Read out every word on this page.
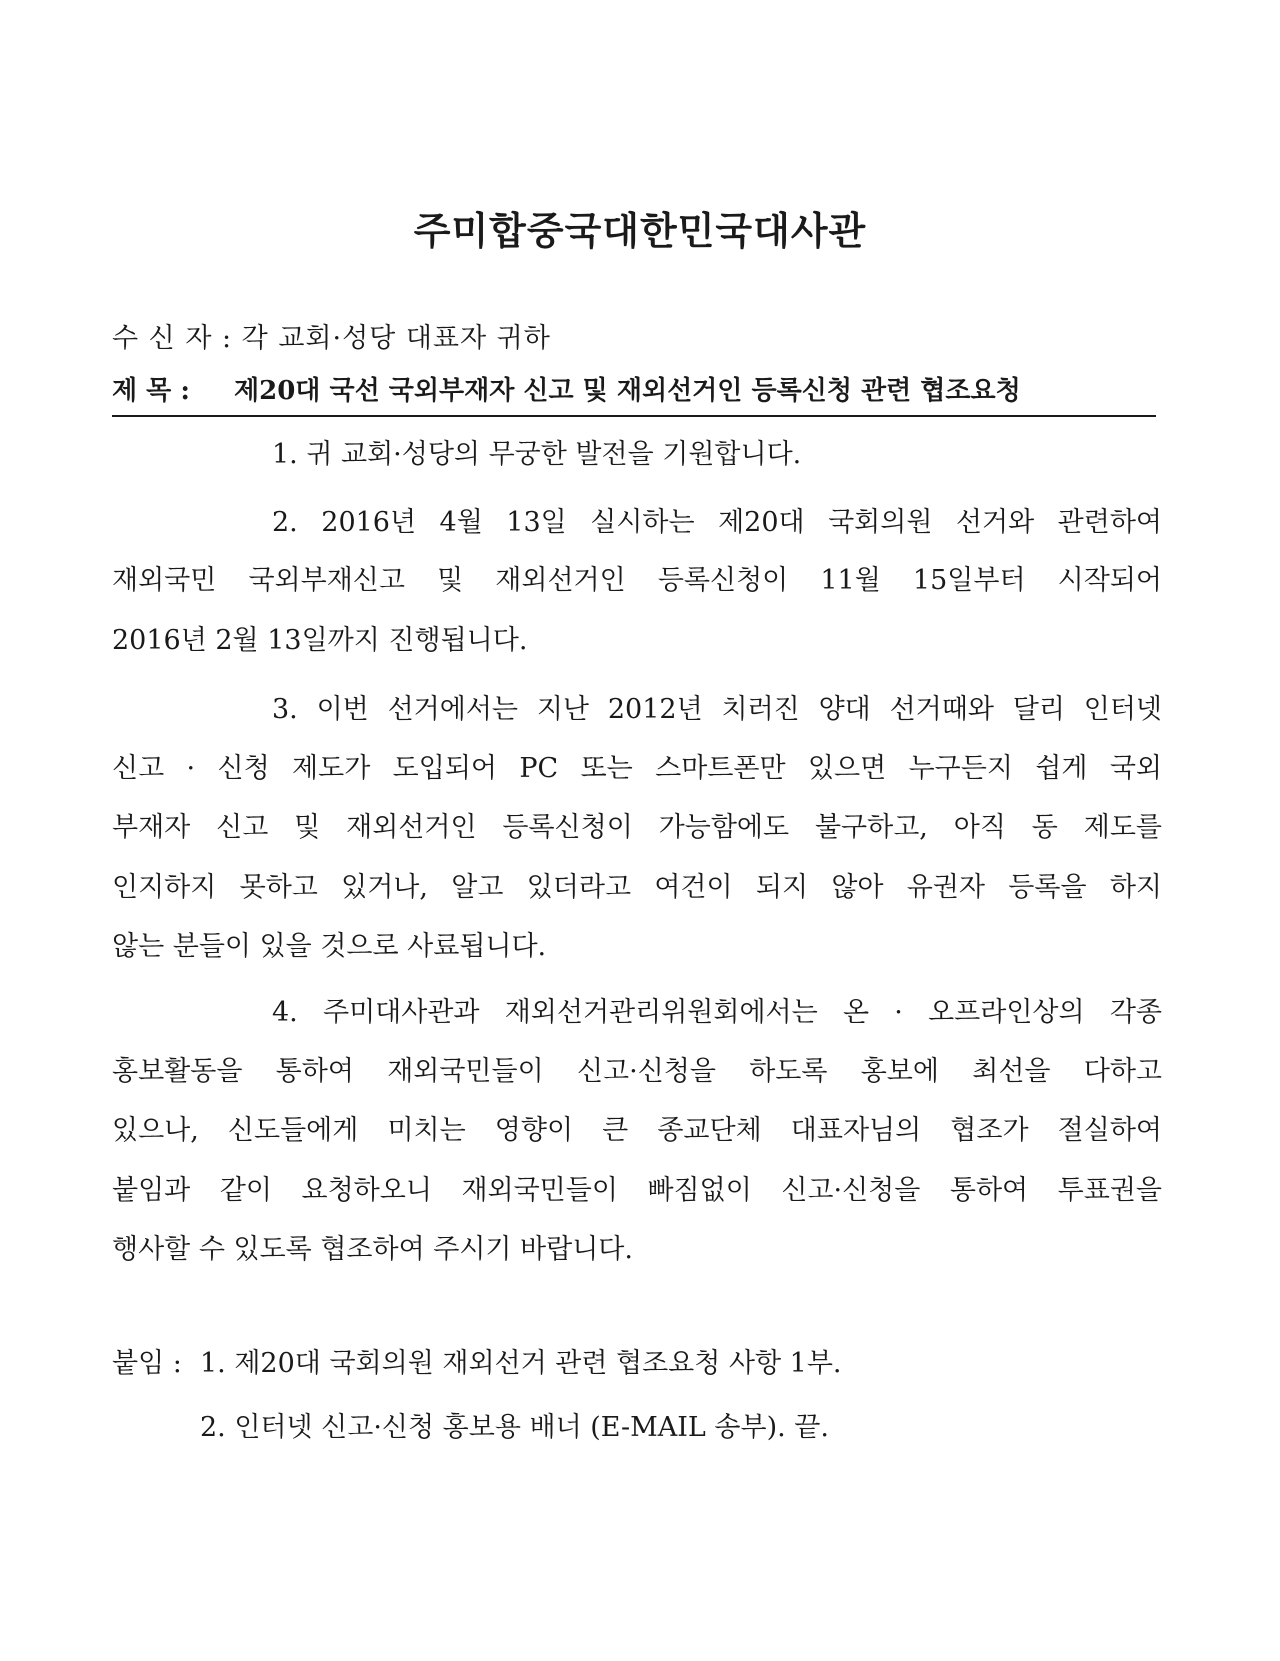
주미합중국대한민국대사관
수 신 자 : 각 교회·성당 대표자 귀하
제 목 : 제20대 국선 국외부재자 신고 및 재외선거인 등록신청 관련 협조요청
1. 귀 교회·성당의 무궁한 발전을 기원합니다.
2. 2016년 4월 13일 실시하는 제20대 국회의원 선거와 관련하여
재외국민 국외부재신고 및 재외선거인 등록신청이 11월 15일부터 시작되어
2016년 2월 13일까지 진행됩니다.
3. 이번 선거에서는 지난 2012년 치러진 양대 선거때와 달리 인터넷
신고 · 신청 제도가 도입되어 PC 또는 스마트폰만 있으면 누구든지 쉽게 국외
부재자 신고 및 재외선거인 등록신청이 가능함에도 불구하고, 아직 동 제도를
인지하지 못하고 있거나, 알고 있더라고 여건이 되지 않아 유권자 등록을 하지
않는 분들이 있을 것으로 사료됩니다.
4. 주미대사관과 재외선거관리위원회에서는 온 · 오프라인상의 각종
홍보활동을 통하여 재외국민들이 신고·신청을 하도록 홍보에 최선을 다하고
있으나, 신도들에게 미치는 영향이 큰 종교단체 대표자님의 협조가 절실하여
붙임과 같이 요청하오니 재외국민들이 빠짐없이 신고·신청을 통하여 투표권을
행사할 수 있도록 협조하여 주시기 바랍니다.
붙임 : 1. 제20대 국회의원 재외선거 관련 협조요청 사항 1부.
2. 인터넷 신고·신청 홍보용 배너 (E-MAIL 송부). 끝.
